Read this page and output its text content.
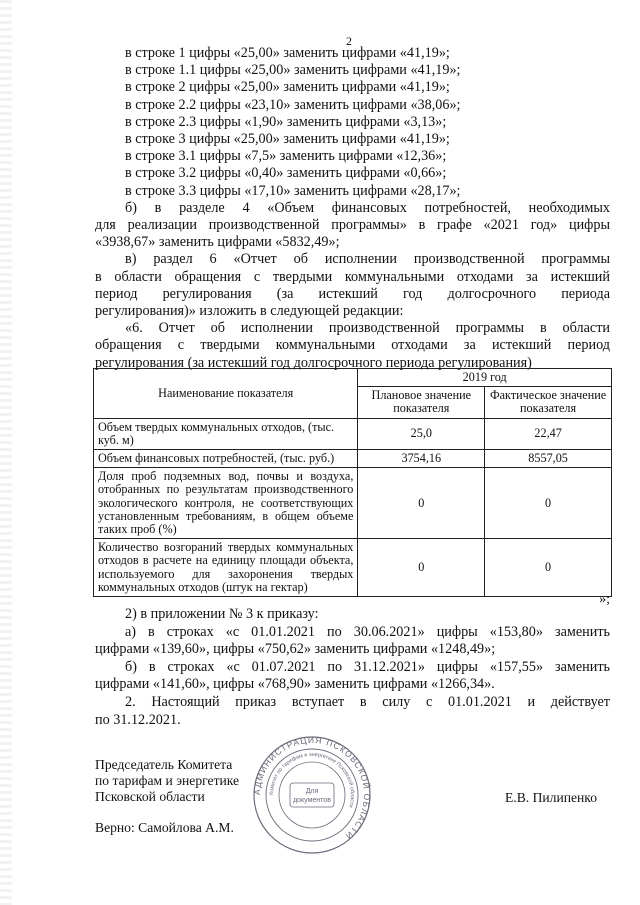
2
в строке 1 цифры «25,00» заменить цифрами «41,19»;
в строке 1.1 цифры «25,00» заменить цифрами «41,19»;
в строке 2 цифры «25,00» заменить цифрами «41,19»;
в строке 2.2 цифры «23,10» заменить цифрами «38,06»;
в строке 2.3 цифры «1,90» заменить цифрами «3,13»;
в строке 3 цифры «25,00» заменить цифрами «41,19»;
в строке 3.1 цифры «7,5» заменить цифрами «12,36»;
в строке 3.2 цифры «0,40» заменить цифрами «0,66»;
в строке 3.3 цифры «17,10» заменить цифрами «28,17»;
б) в разделе 4 «Объем финансовых потребностей, необходимых
для реализации производственной программы» в графе «2021 год» цифры
«3938,67» заменить цифрами «5832,49»;
в) раздел 6 «Отчет об исполнении производственной программы
в области обращения с твердыми коммунальными отходами за истекший
период регулирования (за истекший год долгосрочного периода
регулирования)» изложить в следующей редакции:
«6. Отчет об исполнении производственной программы в области
обращения с твердыми коммунальными отходами за истекший период
регулирования (за истекший год долгосрочного периода регулирования)
Наименование показателя	2019 год	
	Плановое значение показателя	Фактическое значение показателя
Объем твердых коммунальных отходов, (тыс. куб. м)	25,0	22,47
Объем финансовых потребностей, (тыс. руб.)	3754,16	8557,05
Доля проб подземных вод, почвы и воздуха, отобранных по результатам производственного экологического контроля, не соответствующих установленным требованиям, в общем объеме таких проб (%)	0	0
Количество возгораний твердых коммунальных отходов в расчете на единицу площади объекта, используемого для захоронения твердых коммунальных отходов (штук на гектар)	0	0
»;
2) в приложении № 3 к приказу:
а) в строках «с 01.01.2021 по 30.06.2021» цифры «153,80» заменить
цифрами «139,60», цифры «750,62» заменить цифрами «1248,49»;
б) в строках «с 01.07.2021 по 31.12.2021» цифры «157,55» заменить
цифрами «141,60», цифры «768,90» заменить цифрами «1266,34».
2. Настоящий приказ вступает в силу с 01.01.2021 и действует
по 31.12.2021.
Председатель Комитета
по тарифам и энергетике
Псковской области	Е.В. Пилипенко
Верно: Самойлова А.М.
АДМИНИСТРАЦИЯ ПСКОВСКОЙ ОБЛАСТИ
Комитет по тарифам и энергетике Псковской области
Для
документов
